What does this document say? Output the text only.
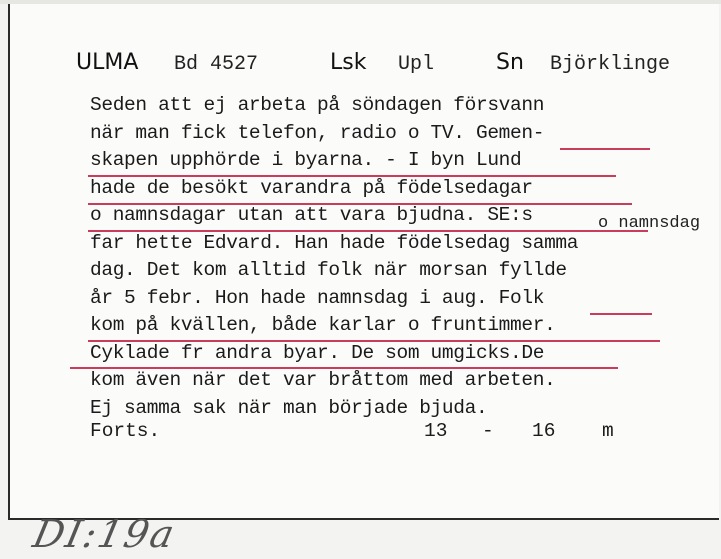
ULMA Bd 4527	Lsk Upl	Sn Björklinge
Seden att ej arbeta på söndagen försvann
när man fick telefon, radio o TV. Gemen-
skapen upphörde i byarna. - I byn Lund
hade de besökt varandra på födelsedagar
o namnsdagar utan att vara bjudna. SE:s
far hette Edvard. Han hade födelsedag samma
dag. Det kom alltid folk när morsan fyllde
år 5 febr. Hon hade namnsdag i aug. Folk
kom på kvällen, både karlar o fruntimmer.
Cyklade fr andra byar. De som umgicks.De
kom även när det var bråttom med arbeten.
Ej samma sak när man började bjuda.
o namnsdag
Forts.	13 - 16 m
DI:19a
